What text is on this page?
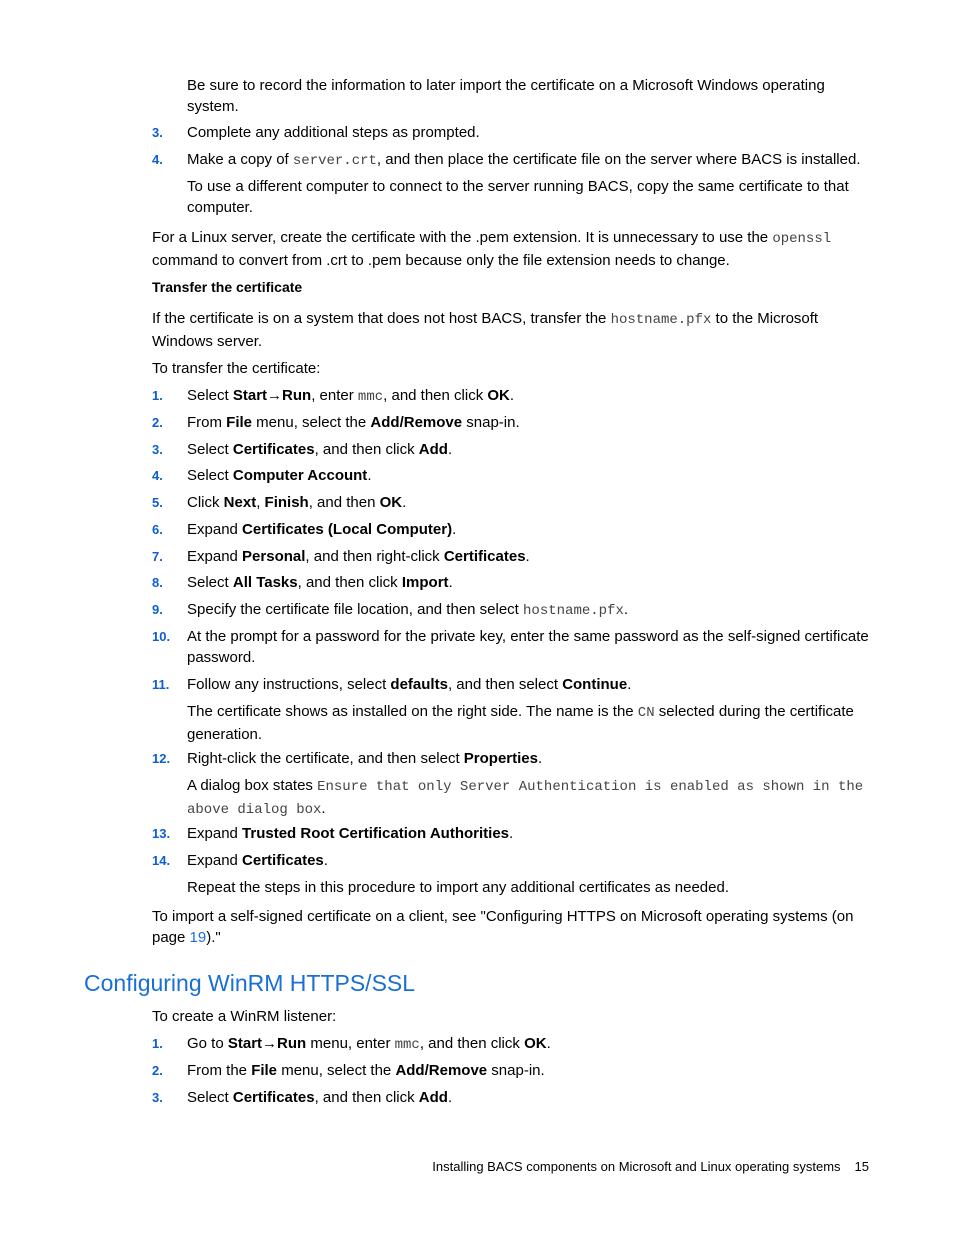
Be sure to record the information to later import the certificate on a Microsoft Windows operating system.

3. Complete any additional steps as prompted.
4. Make a copy of server.crt, and then place the certificate file on the server where BACS is installed.

To use a different computer to connect to the server running BACS, copy the same certificate to that computer.

For a Linux server, create the certificate with the .pem extension. It is unnecessary to use the openssl command to convert from .crt to .pem because only the file extension needs to change.

Transfer the certificate

If the certificate is on a system that does not host BACS, transfer the hostname.pfx to the Microsoft Windows server.

To transfer the certificate:

1. Select Start→Run, enter mmc, and then click OK.
2. From File menu, select the Add/Remove snap-in.
3. Select Certificates, and then click Add.
4. Select Computer Account.
5. Click Next, Finish, and then OK.
6. Expand Certificates (Local Computer).
7. Expand Personal, and then right-click Certificates.
8. Select All Tasks, and then click Import.
9. Specify the certificate file location, and then select hostname.pfx.
10. At the prompt for a password for the private key, enter the same password as the self-signed certificate password.
11. Follow any instructions, select defaults, and then select Continue.

The certificate shows as installed on the right side. The name is the CN selected during the certificate generation.

12. Right-click the certificate, and then select Properties.

A dialog box states Ensure that only Server Authentication is enabled as shown in the above dialog box.

13. Expand Trusted Root Certification Authorities.
14. Expand Certificates.

Repeat the steps in this procedure to import any additional certificates as needed.

To import a self-signed certificate on a client, see "Configuring HTTPS on Microsoft operating systems (on page 19)."

Configuring WinRM HTTPS/SSL

To create a WinRM listener:

1. Go to Start→Run menu, enter mmc, and then click OK.
2. From the File menu, select the Add/Remove snap-in.
3. Select Certificates, and then click Add.
Installing BACS components on Microsoft and Linux operating systems 15
